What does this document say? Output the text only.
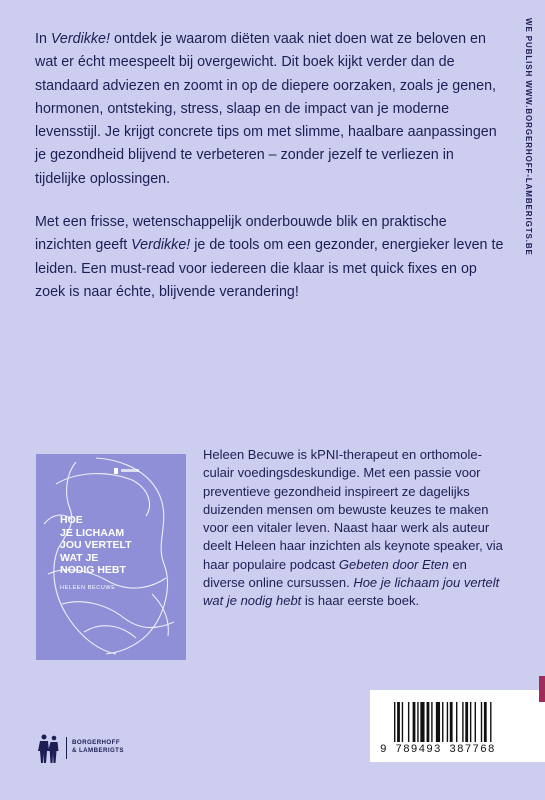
In Verdikke! ontdek je waarom diëten vaak niet doen wat ze beloven en wat er écht meespeelt bij overgewicht. Dit boek kijkt verder dan de standaard adviezen en zoomt in op de diepere oorzaken, zoals je genen, hormonen, ontsteking, stress, slaap en de impact van je moderne levensstijl. Je krijgt concrete tips om met slimme, haalbare aanpassingen je gezondheid blijvend te verbeteren – zonder jezelf te verliezen in tijdelijke oplossingen.

Met een frisse, wetenschappelijk onderbouwde blik en praktische inzichten geeft Verdikke! je de tools om een gezonder, energieker leven te leiden. Een must-read voor iedereen die klaar is met quick fixes en op zoek is naar échte, blijvende verandering!

WE PUBLISH WWW.BORGERHOFF-LAMBERIGTS.BE
HOE
JE LICHAAM
JOU VERTELT
WAT JE
NODIG HEBT
HELEEN BECUWE

Heleen Becuwe is kPNI-therapeut en orthomole-culair voedingsdeskundige. Met een passie voor preventieve gezondheid inspireert ze dagelijks duizenden mensen om bewuste keuzes te maken voor een vitaler leven. Naast haar werk als auteur deelt Heleen haar inzichten als keynote speaker, via haar populaire podcast Gebeten door Eten en diverse online cursussen. Hoe je lichaam jou vertelt wat je nodig hebt is haar eerste boek.

9 789493 387768
BORGERHOFF
& LAMBERIGTS
